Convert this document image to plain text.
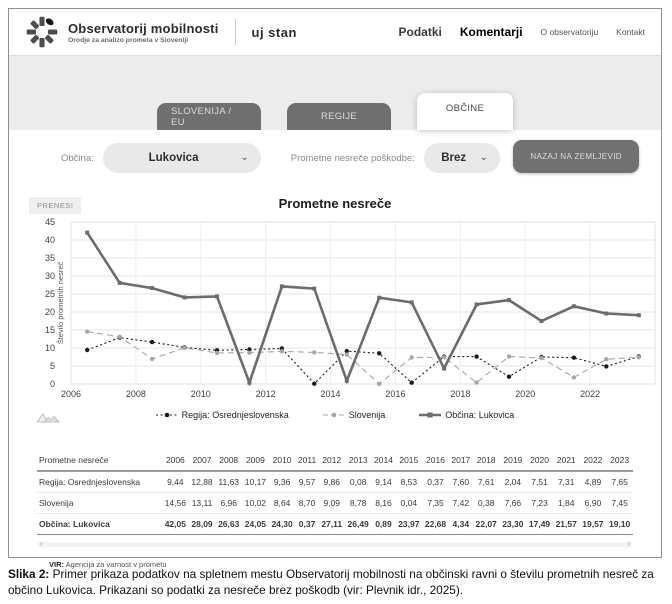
Observatorij mobilnosti
Orodje za analizo prometa v Sloveniji
uj stan	Podatki Komentarji O observatoriju Kontakt
SLOVENIJA / EU	REGIJE
OBČINE
Občina:	Lukovica	⌄	Prometne nesreče poškodbe:	Brez	⌄	NAZAJ NA ZEMLJEVID
PRENESI	Prometne nesreče
0
5
10
15
20
25
30
35
40
45
2006	2008	2010	2012	2014	2016	2018	2020	2022
Število prometnih nesreč
Regija: Osrednjeslovenska	Slovenija	Občina: Lukovica
Prometne nesreče	2006	2007	2008	2009	2010	2011	2012	2013	2014	2015	2016	2017	2018	2019	2020	2021	2022	2023
Regija: Osrednjeslovenska	9,44	12,88	11,63	10,17	9,36	9,57	9,86	0,08	9,14	8,53	0,37	7,60	7,61	2,04	7,51	7,31	4,89	7,65
Slovenija	14,56	13,11	6,96	10,02	8,64	8,70	9,09	8,78	8,16	0,04	7,35	7,42	0,38	7,66	7,23	1,84	6,90	7,45
Občina: Lukovica	42,05	28,09	26,63	24,05	24,30	0,37	27,11	26,49	0,89	23,97	22,68	4,34	22,07	23,30	17,49	21,57	19,57	19,10
‹	›
VIR: Agencija za varnost v prometu
Slika 2: Primer prikaza podatkov na spletnem mestu Observatorij mobilnosti na občinski ravni o številu prometnih nesreč za občino Lukovica. Prikazani so podatki za nesreče brez poškodb (vir: Plevnik idr., 2025).
